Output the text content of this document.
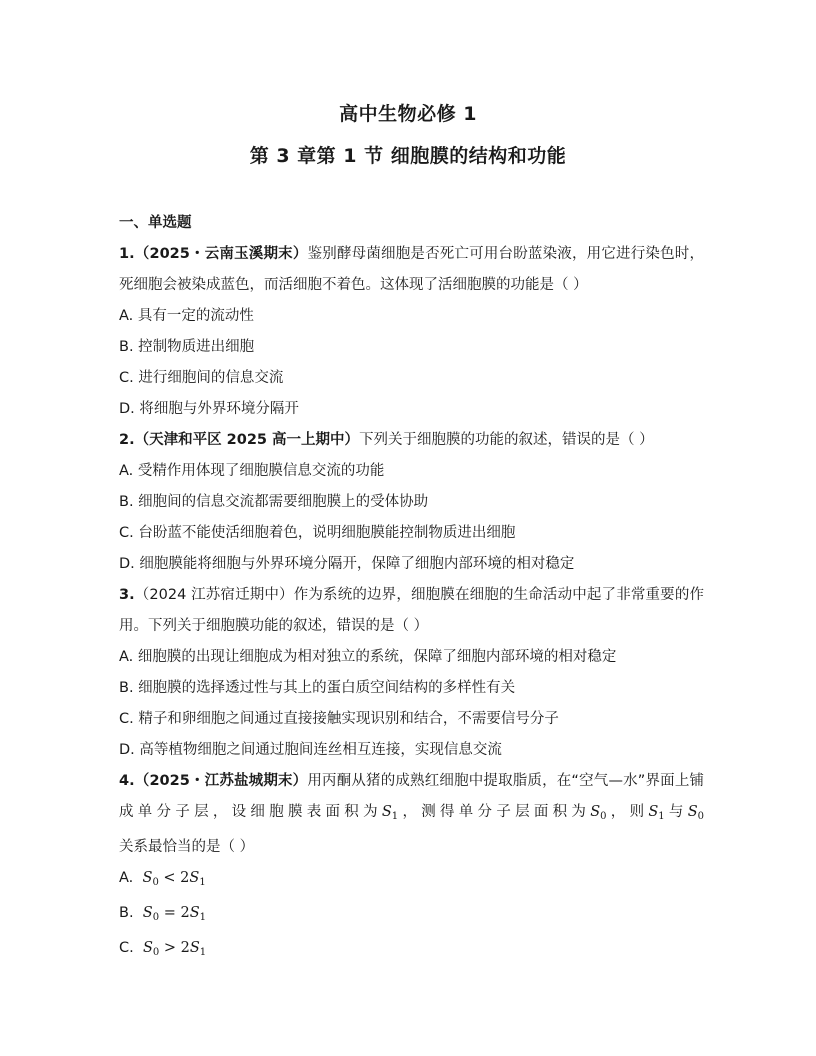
高中生物必修 1
第 3 章第 1 节 细胞膜的结构和功能

一、单选题

1.（2025・云南玉溪期末）鉴别酵母菌细胞是否死亡可用台盼蓝染液，用它进行染色时，死细胞会被染成蓝色，而活细胞不着色。这体现了活细胞膜的功能是（ ）

A. 具有一定的流动性

B. 控制物质进出细胞

C. 进行细胞间的信息交流

D. 将细胞与外界环境分隔开

2.（天津和平区 2025 高一上期中）下列关于细胞膜的功能的叙述，错误的是（ ）

A. 受精作用体现了细胞膜信息交流的功能

B. 细胞间的信息交流都需要细胞膜上的受体协助

C. 台盼蓝不能使活细胞着色，说明细胞膜能控制物质进出细胞

D. 细胞膜能将细胞与外界环境分隔开，保障了细胞内部环境的相对稳定

3.（2024 江苏宿迁期中）作为系统的边界，细胞膜在细胞的生命活动中起了非常重要的作用。下列关于细胞膜功能的叙述，错误的是（ ）

A. 细胞膜的出现让细胞成为相对独立的系统，保障了细胞内部环境的相对稳定

B. 细胞膜的选择透过性与其上的蛋白质空间结构的多样性有关

C. 精子和卵细胞之间通过直接接触实现识别和结合，不需要信号分子

D. 高等植物细胞之间通过胞间连丝相互连接，实现信息交流

4.（2025・江苏盐城期末）用丙酮从猪的成熟红细胞中提取脂质，在“空气—水”界面上铺成单分子层，设细胞膜表面积为$S_1$，测得单分子层面积为$S_0$，则$S_1$与$S_0$关系最恰当的是（ ）

A. $S_0 < 2S_1$

B. $S_0 = 2S_1$

C. $S_0 > 2S_1$
